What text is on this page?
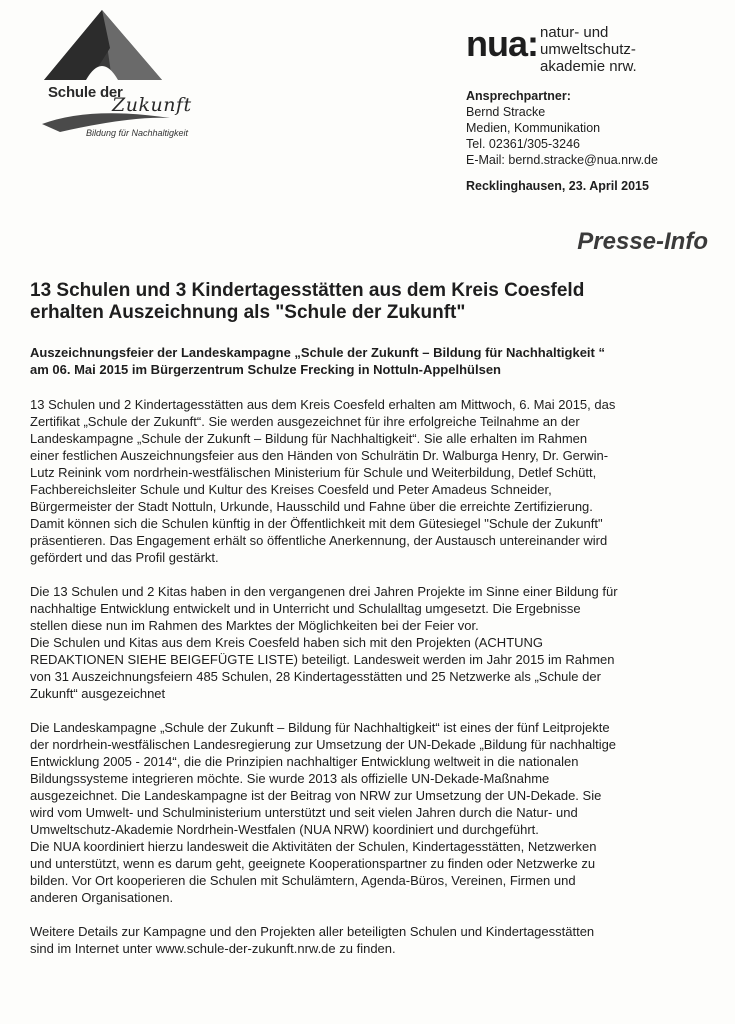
Schule der
Zukunft
Bildung für Nachhaltigkeit
nua: natur- und
umweltschutz-
akademie nrw.
Ansprechpartner:
Bernd Stracke
Medien, Kommunikation
Tel. 02361/305-3246
E-Mail: bernd.stracke@nua.nrw.de
Recklinghausen, 23. April 2015
Presse-Info
13 Schulen und 3 Kindertagesstätten aus dem Kreis Coesfeld
erhalten Auszeichnung als "Schule der Zukunft"
Auszeichnungsfeier der Landeskampagne „Schule der Zukunft – Bildung für Nachhaltigkeit “
am 06. Mai 2015 im Bürgerzentrum Schulze Frecking in Nottuln-Appelhülsen
13 Schulen und 2 Kindertagesstätten aus dem Kreis Coesfeld erhalten am Mittwoch, 6. Mai 2015, das
Zertifikat „Schule der Zukunft“. Sie werden ausgezeichnet für ihre erfolgreiche Teilnahme an der
Landeskampagne „Schule der Zukunft – Bildung für Nachhaltigkeit“. Sie alle erhalten im Rahmen
einer festlichen Auszeichnungsfeier aus den Händen von Schulrätin Dr. Walburga Henry, Dr. Gerwin-
Lutz Reinink vom nordrhein-westfälischen Ministerium für Schule und Weiterbildung, Detlef Schütt,
Fachbereichsleiter Schule und Kultur des Kreises Coesfeld und Peter Amadeus Schneider,
Bürgermeister der Stadt Nottuln, Urkunde, Hausschild und Fahne über die erreichte Zertifizierung.
Damit können sich die Schulen künftig in der Öffentlichkeit mit dem Gütesiegel "Schule der Zukunft"
präsentieren. Das Engagement erhält so öffentliche Anerkennung, der Austausch untereinander wird
gefördert und das Profil gestärkt.
Die 13 Schulen und 2 Kitas haben in den vergangenen drei Jahren Projekte im Sinne einer Bildung für
nachhaltige Entwicklung entwickelt und in Unterricht und Schulalltag umgesetzt. Die Ergebnisse
stellen diese nun im Rahmen des Marktes der Möglichkeiten bei der Feier vor.
Die Schulen und Kitas aus dem Kreis Coesfeld haben sich mit den Projekten (ACHTUNG
REDAKTIONEN SIEHE BEIGEFÜGTE LISTE) beteiligt. Landesweit werden im Jahr 2015 im Rahmen
von 31 Auszeichnungsfeiern 485 Schulen, 28 Kindertagesstätten und 25 Netzwerke als „Schule der
Zukunft“ ausgezeichnet
Die Landeskampagne „Schule der Zukunft – Bildung für Nachhaltigkeit“ ist eines der fünf Leitprojekte
der nordrhein-westfälischen Landesregierung zur Umsetzung der UN-Dekade „Bildung für nachhaltige
Entwicklung 2005 - 2014“, die die Prinzipien nachhaltiger Entwicklung weltweit in die nationalen
Bildungssysteme integrieren möchte. Sie wurde 2013 als offizielle UN-Dekade-Maßnahme
ausgezeichnet. Die Landeskampagne ist der Beitrag von NRW zur Umsetzung der UN-Dekade. Sie
wird vom Umwelt- und Schulministerium unterstützt und seit vielen Jahren durch die Natur- und
Umweltschutz-Akademie Nordrhein-Westfalen (NUA NRW) koordiniert und durchgeführt.
Die NUA koordiniert hierzu landesweit die Aktivitäten der Schulen, Kindertagesstätten, Netzwerken
und unterstützt, wenn es darum geht, geeignete Kooperationspartner zu finden oder Netzwerke zu
bilden. Vor Ort kooperieren die Schulen mit Schulämtern, Agenda-Büros, Vereinen, Firmen und
anderen Organisationen.
Weitere Details zur Kampagne und den Projekten aller beteiligten Schulen und Kindertagesstätten
sind im Internet unter www.schule-der-zukunft.nrw.de zu finden.
